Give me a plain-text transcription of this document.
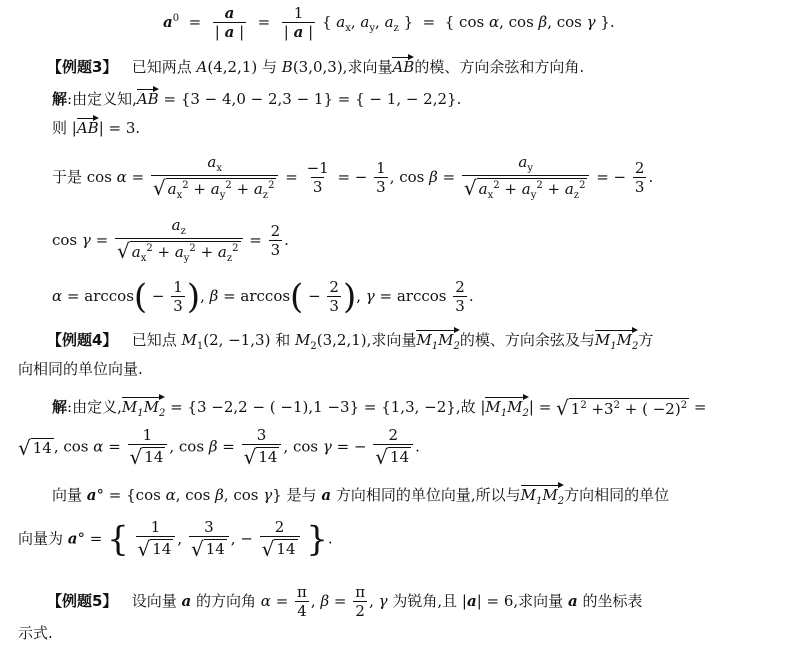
$a^0 = \frac{a}{| a |} = \frac{1}{| a |}$ { $a_x$, $a_y$, $a_z$ }  =  { cos α, cos β, cos γ }.
【例题3】   已知两点 A(4,2,1) 与 B(3,0,3),求向量AB的模、方向余弦和方向角.
解:由定义知,AB = {3 − 4,0 − 2,3 − 1} = { − 1, − 2,2}.
则 |AB| = 3.
于是 $\cos \alpha = \frac{a_x}{√ a_x^2 + a_y^2 + a_z^2} = \frac{-1}{3}$ = − $\frac{1}{3}$ , $\cos \beta = \frac{a_y}{√ a_x^2 + a_y^2 + a_z^2}$ = − $\frac{2}{3}$ .
$\cos \gamma = \frac{a_z}{√ a_x^2 + a_y^2 + a_z^2} = \frac{2}{3}$ .
$\alpha = \arccos( - \frac{1}{3}$ ), $\beta = \arccos( - \frac{2}{3}$ ), $\gamma = \arccos \frac{2}{3}$ .
【例题4】   已知点 $M_1(2$, −1,3) 和 $M_2(3,2,1)$,求向量$M_1M_2$的模、方向余弦及与$M_1M_2$方
向相同的单位向量.
解:由定义$,M_1M_2 = \{3 -2,2$ − ( −1),1 −3} = {1,3, −2},故 $|M_1M_2|$ = √ $1^2 +3^2$ + ( −2)$^2$ =
√ 14 , $\cos \alpha = \frac{1}{√ 14}$ , $\cos \beta = \frac{3}{√ 14}$ , cos γ = − $\frac{2}{√ 14}$ .
向量 a° = {cos α, cos β, cos γ} 是与 a 方向相同的单位向量,所以与$M_1M_2$方向相同的单位
向量为 a° = { $\frac{1}{√ 14}$ , $\frac{3}{√ 14}$ , − $\frac{2}{√ 14}$ }.
【例题5】   设向量 a 的方向角 $\alpha = \frac{\pi}{4}$ , $\beta = \frac{\pi}{2}$ , γ 为锐角,且 |a| = 6,求向量 a 的坐标表
示式.
